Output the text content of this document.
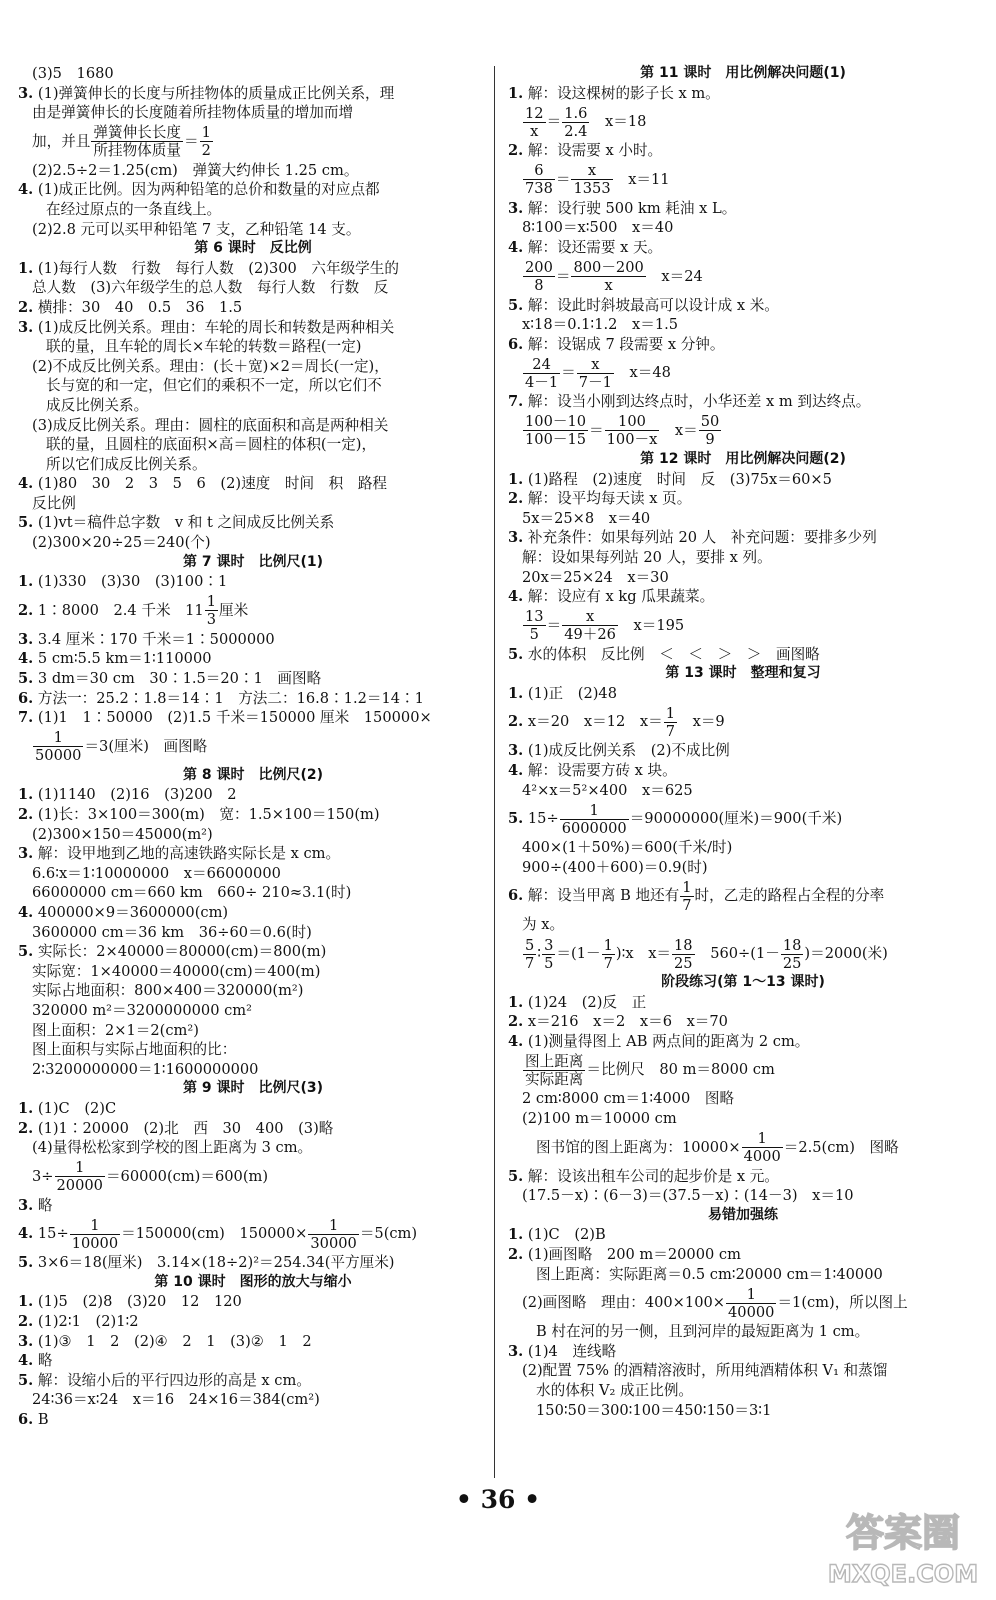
(3)5　1680
3. (1)弹簧伸长的长度与所挂物体的质量成正比例关系，理
由是弹簧伸长的长度随着所挂物体质量的增加而增
加，并且 $\frac{\text{弹簧伸长长度}}{\text{所挂物体质量}} = \frac{1}{2}$
(2)2.5÷2＝1.25(cm)　弹簧大约伸长 1.25 cm。
4. (1)成正比例。因为两种铅笔的总价和数量的对应点都
在经过原点的一条直线上。
(2)2.8 元可以买甲种铅笔 7 支，乙种铅笔 14 支。
第 6 课时　反比例
1. (1)每行人数　行数　每行人数　(2)300　六年级学生的
总人数　(3)六年级学生的总人数　每行人数　行数　反
2. 横排：30　40　0.5　36　1.5
3. (1)成反比例关系。理由：车轮的周长和转数是两种相关
联的量，且车轮的周长×车轮的转数＝路程(一定)
(2)不成反比例关系。理由：(长＋宽)×2＝周长(一定)，
长与宽的和一定，但它们的乘积不一定，所以它们不
成反比例关系。
(3)成反比例关系。理由：圆柱的底面积和高是两种相关
联的量，且圆柱的底面积×高＝圆柱的体积(一定)，
所以它们成反比例关系。
4. (1)80　30　2　3　5　6　(2)速度　时间　积　路程
反比例
5. (1)vt＝稿件总字数　v 和 t 之间成反比例关系
(2)300×20÷25＝240(个)
第 7 课时　比例尺(1)
1. (1)330　(3)30　(3)100∶1
2. 1∶8000　2.4 千米　$11 \frac{1}{3}$ 厘米
3. 3.4 厘米∶170 千米＝1∶5000000
4. 5 cm∶5.5 km＝1∶110000
5. 3 dm＝30 cm　30∶1.5＝20∶1　画图略
6. 方法一：25.2∶1.8＝14∶1　方法二：16.8∶1.2＝14∶1
7. (1)1　1∶50000　(2)1.5 千米＝150000 厘米　150000×
$\frac{1}{50000} =3$(厘米)　画图略
第 8 课时　比例尺(2)
1. (1)1140　(2)16　(3)200　2
2. (1)长：3×100＝300(m)　宽：1.5×100＝150(m)
(2)300×150＝45000(m²)
3. 解：设甲地到乙地的高速铁路实际长是 x cm。
6.6∶x＝1∶10000000　x＝66000000
66000000 cm＝660 km　660÷ 210≈3.1(时)
4. 400000×9＝3600000(cm)
3600000 cm＝36 km　36÷60＝0.6(时)
5. 实际长：2×40000＝80000(cm)＝800(m)
实际宽：1×40000＝40000(cm)＝400(m)
实际占地面积：800×400＝320000(m²)
320000 m²＝3200000000 cm²
图上面积：2×1＝2(cm²)
图上面积与实际占地面积的比：
2∶3200000000＝1∶1600000000
第 9 课时　比例尺(3)
1. (1)C　(2)C
2. (1)1∶20000　(2)北　西　30　400　(3)略
(4)量得松松家到学校的图上距离为 3 cm。
$3\div \frac{1}{20000} =60000(cm)=600(m)$
3. 略
4. $15\div \frac{1}{10000} =150000(cm)$　$150000\times \frac{1}{30000} =5(cm)$
5. 3×6＝18(厘米)　3.14×(18÷2)²＝254.34(平方厘米)
第 10 课时　图形的放大与缩小
1. (1)5　(2)8　(3)20　12　120
2. (1)2∶1　(2)1∶2
3. (1)③　1　2　(2)④　2　1　(3)②　1　2
4. 略
5. 解：设缩小后的平行四边形的高是 x cm。
24∶36＝x∶24　x＝16　24×16＝384(cm²)
6. B
第 11 课时　用比例解决问题(1)
1. 解：设这棵树的影子长 x m。
$\frac{12}{x} = \frac{1.6}{2.4}$ 　x＝18
2. 解：设需要 x 小时。
$\frac{6}{738} = \frac{x}{1353}$ 　x＝11
3. 解：设行驶 500 km 耗油 x L。
8∶100＝x∶500　x＝40
4. 解：设还需要 x 天。
$\frac{200}{8} = \frac{800-200}{x}$ 　x＝24
5. 解：设此时斜坡最高可以设计成 x 米。
x∶18＝0.1∶1.2　x＝1.5
6. 解：设锯成 7 段需要 x 分钟。
$\frac{24}{4-1} = \frac{x}{7-1}$ 　x＝48
7. 解：设当小刚到达终点时，小华还差 x m 到达终点。
$\frac{100-10}{100-15} = \frac{100}{100-x}$ 　$x= \frac{50}{9}$
第 12 课时　用比例解决问题(2)
1. (1)路程　(2)速度　时间　反　(3)75x＝60×5
2. 解：设平均每天读 x 页。
5x＝25×8　x＝40
3. 补充条件：如果每列站 20 人　补充问题：要排多少列
解：设如果每列站 20 人，要排 x 列。
20x＝25×24　x＝30
4. 解：设应有 x kg 瓜果蔬菜。
$\frac{13}{5} = \frac{x}{49+26}$ 　x＝195
5. 水的体积　反比例　＜　＜　＞　＞　画图略
第 13 课时　整理和复习
1. (1)正　(2)48
2. x＝20　x＝12　$x= \frac{1}{7}$ 　x＝9
3. (1)成反比例关系　(2)不成比例
4. 解：设需要方砖 x 块。
4²×x＝5²×400　x＝625
5. $15\div \frac{1}{6000000} =90000000$(厘米)＝900(千米)
400×(1＋50%)＝600(千米/时)
900÷(400＋600)＝0.9(时)
6. 解：设当甲离 B 地还有 $\frac{1}{7}$ 时，乙走的路程占全程的分率
为 x。
$\frac{5}{7}$ ∶ $\frac{3}{5} =(1- \frac{1}{7}$ )∶x　$x= \frac{18}{25}$ 　$560\div(1- \frac{18}{25} )=2000$(米)
阶段练习(第 1～13 课时)
1. (1)24　(2)反　正
2. x＝216　x＝2　x＝6　x＝70
4. (1)测量得图上 AB 两点间的距离为 2 cm。
$\frac{\text{图上距离}}{\text{实际距离}}$ ＝比例尺　80 m＝8000 cm
2 cm∶8000 cm＝1∶4000　图略
(2)100 m＝10000 cm
图书馆的图上距离为：$10000\times \frac{1}{4000} =2.5(cm)$　图略
5. 解：设该出租车公司的起步价是 x 元。
(17.5－x)∶(6－3)＝(37.5－x)∶(14－3)　x＝10
易错加强练
1. (1)C　(2)B
2. (1)画图略　200 m＝20000 cm
图上距离：实际距离＝0.5 cm∶20000 cm＝1∶40000
(2)画图略　理由：$400\times 100\times \frac{1}{40000} =1(cm)$，所以图上
B 村在河的另一侧，且到河岸的最短距离为 1 cm。
3. (1)4　连线略
(2)配置 75% 的酒精溶液时，所用纯酒精体积 V₁ 和蒸馏
水的体积 V₂ 成正比例。
150∶50＝300∶100＝450∶150＝3∶1
• 36 •
答案圈
MXQE.COM
